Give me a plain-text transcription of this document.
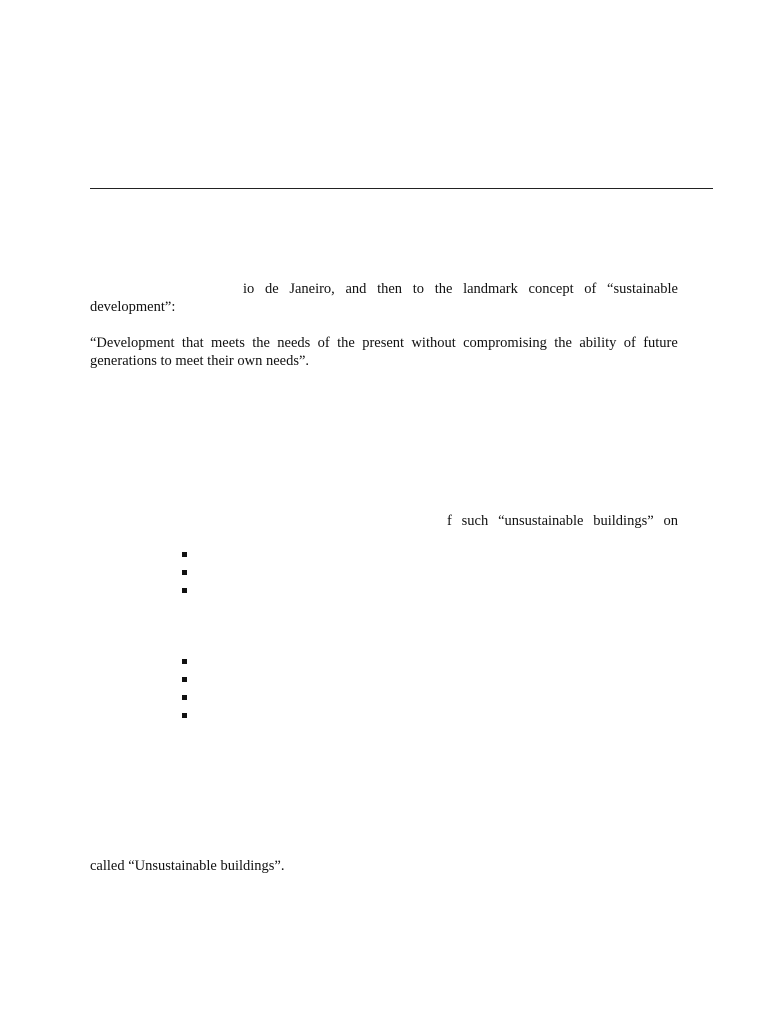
io de Janeiro, and then to the landmark concept of “sustainable
development”:
“Development that meets the needs of the present without compromising the ability of future
generations to meet their own needs”.
f such “unsustainable buildings” on
called “Unsustainable buildings”.
